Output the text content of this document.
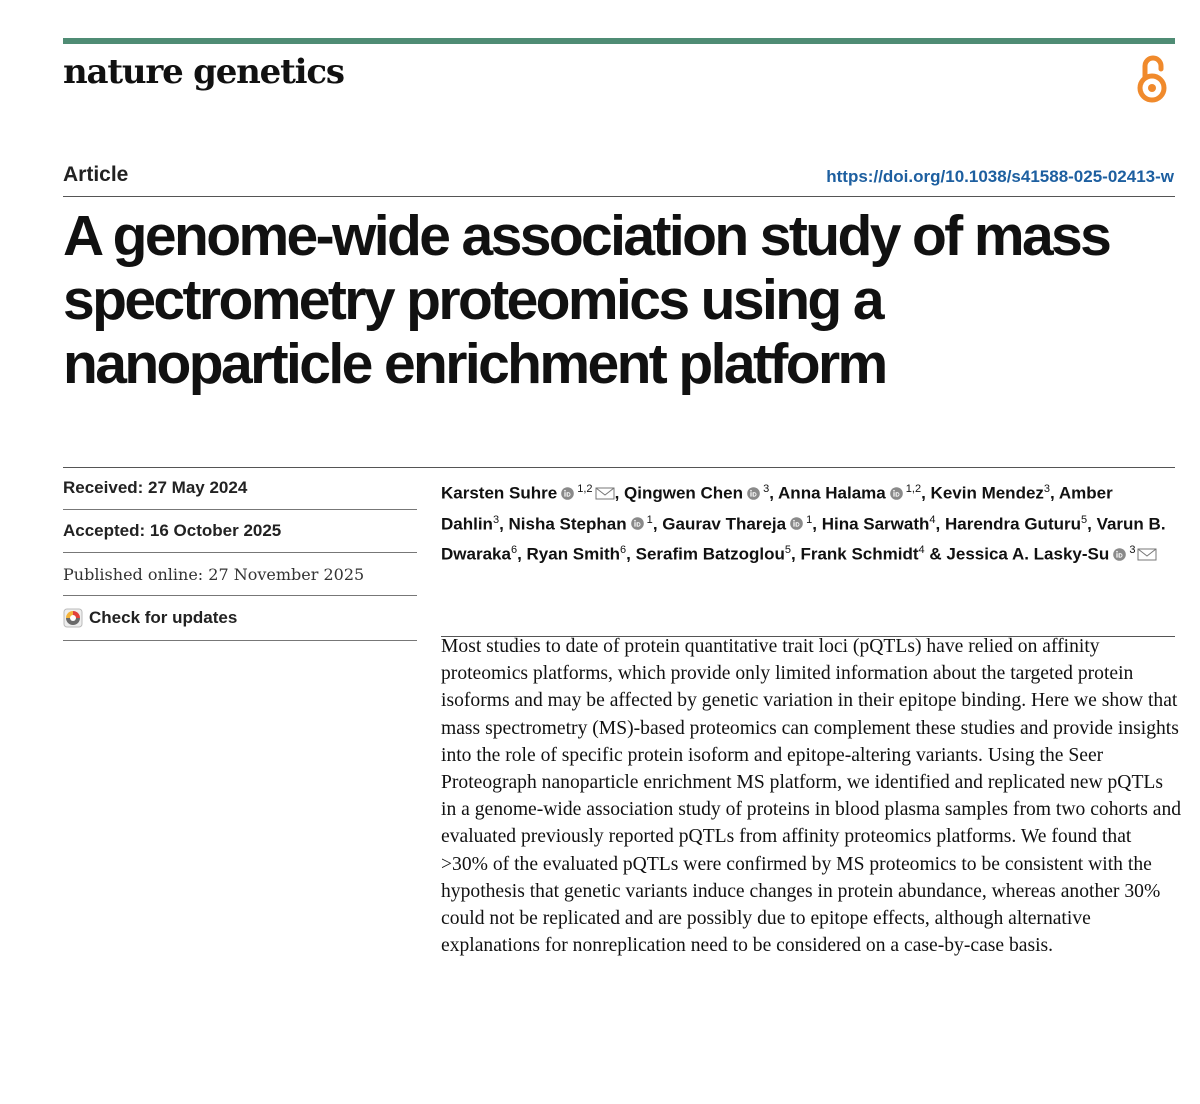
nature genetics
Article	https://doi.org/10.1038/s41588-025-02413-w
A genome-wide association study of mass spectrometry proteomics using a nanoparticle enrichment platform
Received: 27 May 2024
Accepted: 16 October 2025
Published online: 27 November 2025
Check for updates

Karsten Suhre $^{1,2}$ , Qingwen Chen $^3$, Anna Halama $^{1,2}$, Kevin Mendez$^3$, Amber Dahlin$^3$, Nisha Stephan $^1$, Gaurav Thareja $^1$, Hina Sarwath$^4$, Harendra Guturu$^5$, Varun B. Dwaraka$^6$, Ryan Smith$^6$, Serafim Batzoglou$^5$, Frank Schmidt$^4$ & Jessica A. Lasky-Su $^3$

Most studies to date of protein quantitative trait loci (pQTLs) have relied on affinity proteomics platforms, which provide only limited information about the targeted protein isoforms and may be affected by genetic variation in their epitope binding. Here we show that mass spectrometry (MS)-based proteomics can complement these studies and provide insights into the role of specific protein isoform and epitope-altering variants. Using the Seer Proteograph nanoparticle enrichment MS platform, we identified and replicated new pQTLs in a genome-wide association study of proteins in blood plasma samples from two cohorts and evaluated previously reported pQTLs from affinity proteomics platforms. We found that >30% of the evaluated pQTLs were confirmed by MS proteomics to be consistent with the hypothesis that genetic variants induce changes in protein abundance, whereas another 30% could not be replicated and are possibly due to epitope effects, although alternative explanations for nonreplication need to be considered on a case-by-case basis.
